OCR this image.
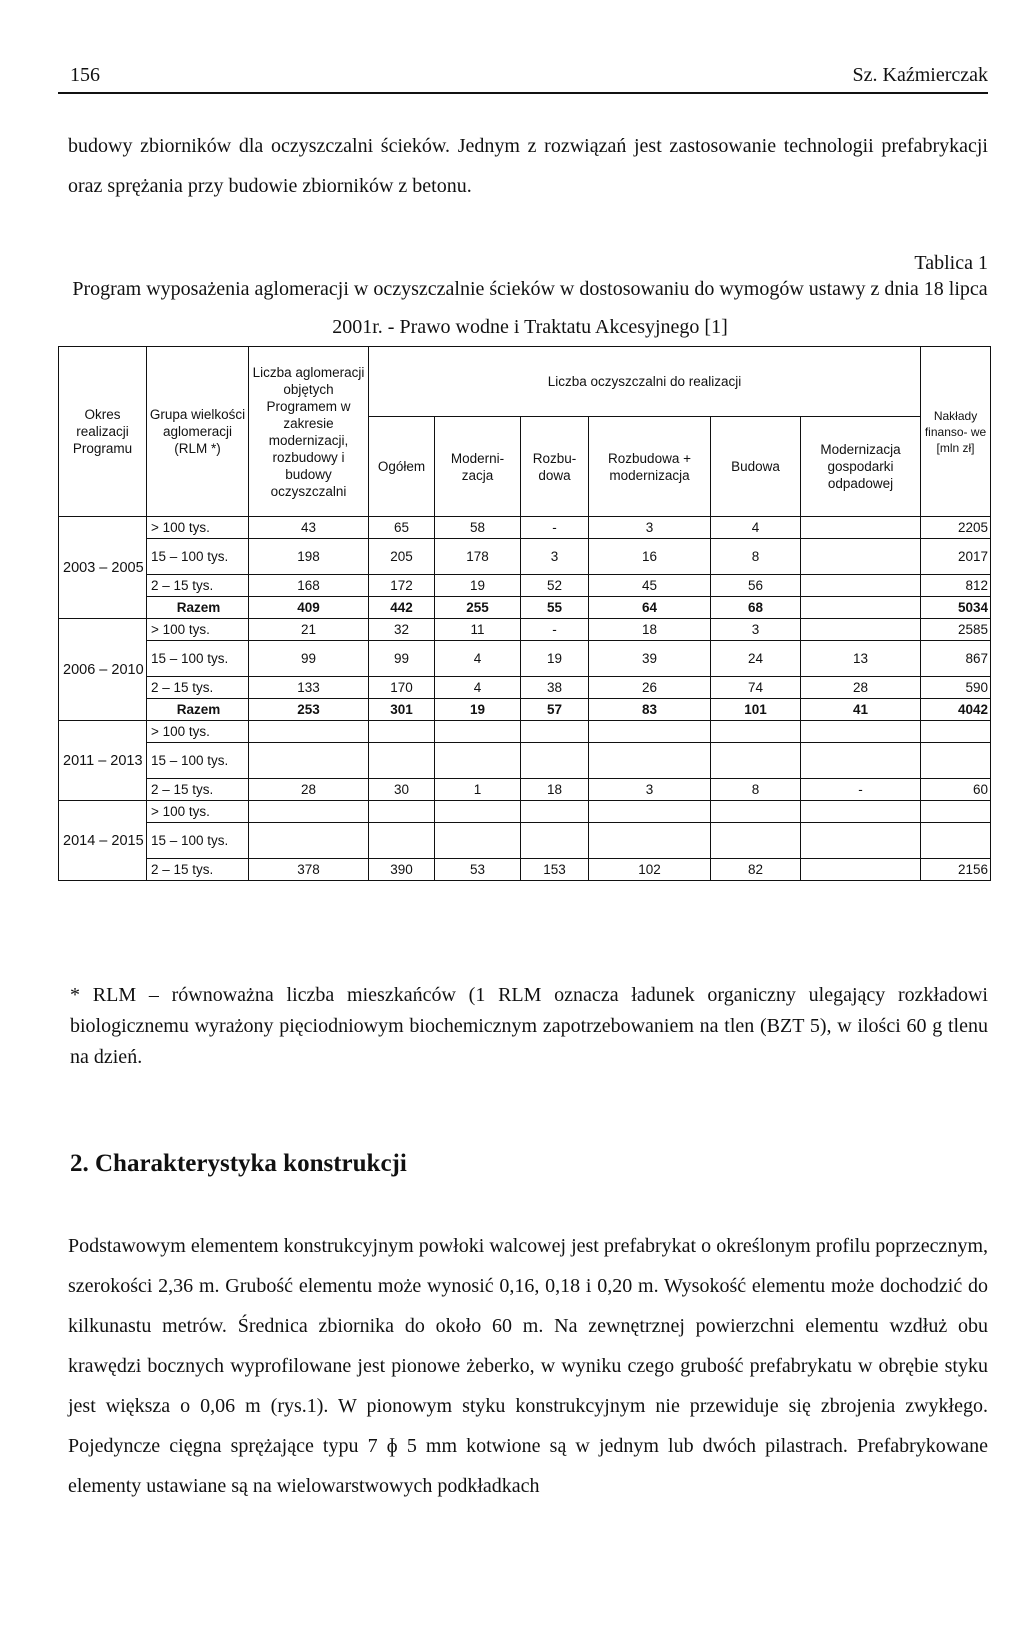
156	Sz. Kaźmierczak
budowy zbiorników dla oczyszczalni ścieków. Jednym z rozwiązań jest zastosowanie technologii prefabrykacji oraz sprężania przy budowie zbiorników z betonu.
Tablica 1
Program wyposażenia aglomeracji w oczyszczalnie ścieków w dostosowaniu do wymogów ustawy z dnia 18 lipca 2001r. - Prawo wodne i Traktatu Akcesyjnego [1]
Okres realizacji Programu	Grupa wielkości aglomeracji (RLM *)	Liczba aglomeracji objętych Programem w zakresie modernizacji, rozbudowy i budowy oczyszczalni	Liczba oczyszczalni do realizacji						Nakłady finanso- we [mln zł]
			Ogółem	Moderni- zacja	Rozbu- dowa	Rozbudowa + modernizacja	Budowa	Modernizacja gospodarki odpadowej	
2003 – 2005	> 100 tys.	43	65	58	-	3	4		2205
	15 – 100 tys.	198	205	178	3	16	8		2017
	2 – 15 tys.	168	172	19	52	45	56		812
	Razem	409	442	255	55	64	68		5034
2006 – 2010	> 100 tys.	21	32	11	-	18	3		2585
	15 – 100 tys.	99	99	4	19	39	24	13	867
	2 – 15 tys.	133	170	4	38	26	74	28	590
	Razem	253	301	19	57	83	101	41	4042
2011 – 2013	> 100 tys.								
	15 – 100 tys.								
	2 – 15 tys.	28	30	1	18	3	8	-	60
2014 – 2015	> 100 tys.								
	15 – 100 tys.								
	2 – 15 tys.	378	390	53	153	102	82		2156
* RLM – równoważna liczba mieszkańców (1 RLM oznacza ładunek organiczny ulegający rozkładowi biologicznemu wyrażony pięciodniowym biochemicznym zapotrzebowaniem na tlen (BZT 5), w ilości 60 g tlenu na dzień.
2. Charakterystyka konstrukcji
Podstawowym elementem konstrukcyjnym powłoki walcowej jest prefabrykat o określonym profilu poprzecznym, szerokości 2,36 m. Grubość elementu może wynosić 0,16, 0,18 i 0,20 m. Wysokość elementu może dochodzić do kilkunastu metrów. Średnica zbiornika do około 60 m. Na zewnętrznej powierzchni elementu wzdłuż obu krawędzi bocznych wyprofilowane jest pionowe żeberko, w wyniku czego grubość prefabrykatu w obrębie styku jest większa o 0,06 m (rys.1). W pionowym styku konstrukcyjnym nie przewiduje się zbrojenia zwykłego. Pojedyncze cięgna sprężające typu 7 ɸ 5 mm kotwione są w jednym lub dwóch pilastrach. Prefabrykowane elementy ustawiane są na wielowarstwowych podkładkach
